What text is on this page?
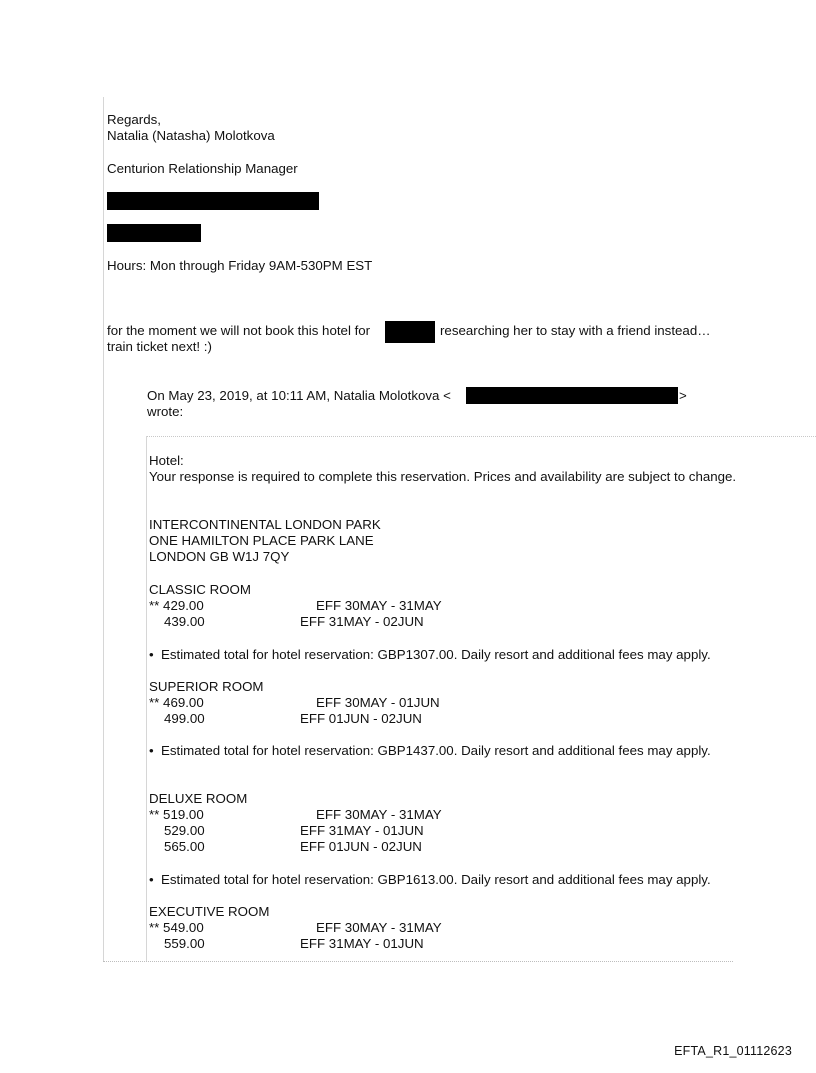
Regards,
Natalia (Natasha) Molotkova
Centurion Relationship Manager
Hours: Mon through Friday 9AM-530PM EST
for the moment we will not book this hotel for	researching her to stay with a friend instead…
train ticket next! :)
On May 23, 2019, at 10:11 AM, Natalia Molotkova <	>
wrote:
Hotel:
Your response is required to complete this reservation. Prices and availability are subject to change.
INTERCONTINENTAL LONDON PARK
ONE HAMILTON PLACE PARK LANE
LONDON GB W1J 7QY
CLASSIC ROOM
** 429.00	EFF 30MAY - 31MAY
439.00	EFF 31MAY - 02JUN
• Estimated total for hotel reservation: GBP1307.00. Daily resort and additional fees may apply.
SUPERIOR ROOM
** 469.00	EFF 30MAY - 01JUN
499.00	EFF 01JUN - 02JUN
• Estimated total for hotel reservation: GBP1437.00. Daily resort and additional fees may apply.
DELUXE ROOM
** 519.00	EFF 30MAY - 31MAY
529.00	EFF 31MAY - 01JUN
565.00	EFF 01JUN - 02JUN
• Estimated total for hotel reservation: GBP1613.00. Daily resort and additional fees may apply.
EXECUTIVE ROOM
** 549.00	EFF 30MAY - 31MAY
559.00	EFF 31MAY - 01JUN
EFTA_R1_01112623
